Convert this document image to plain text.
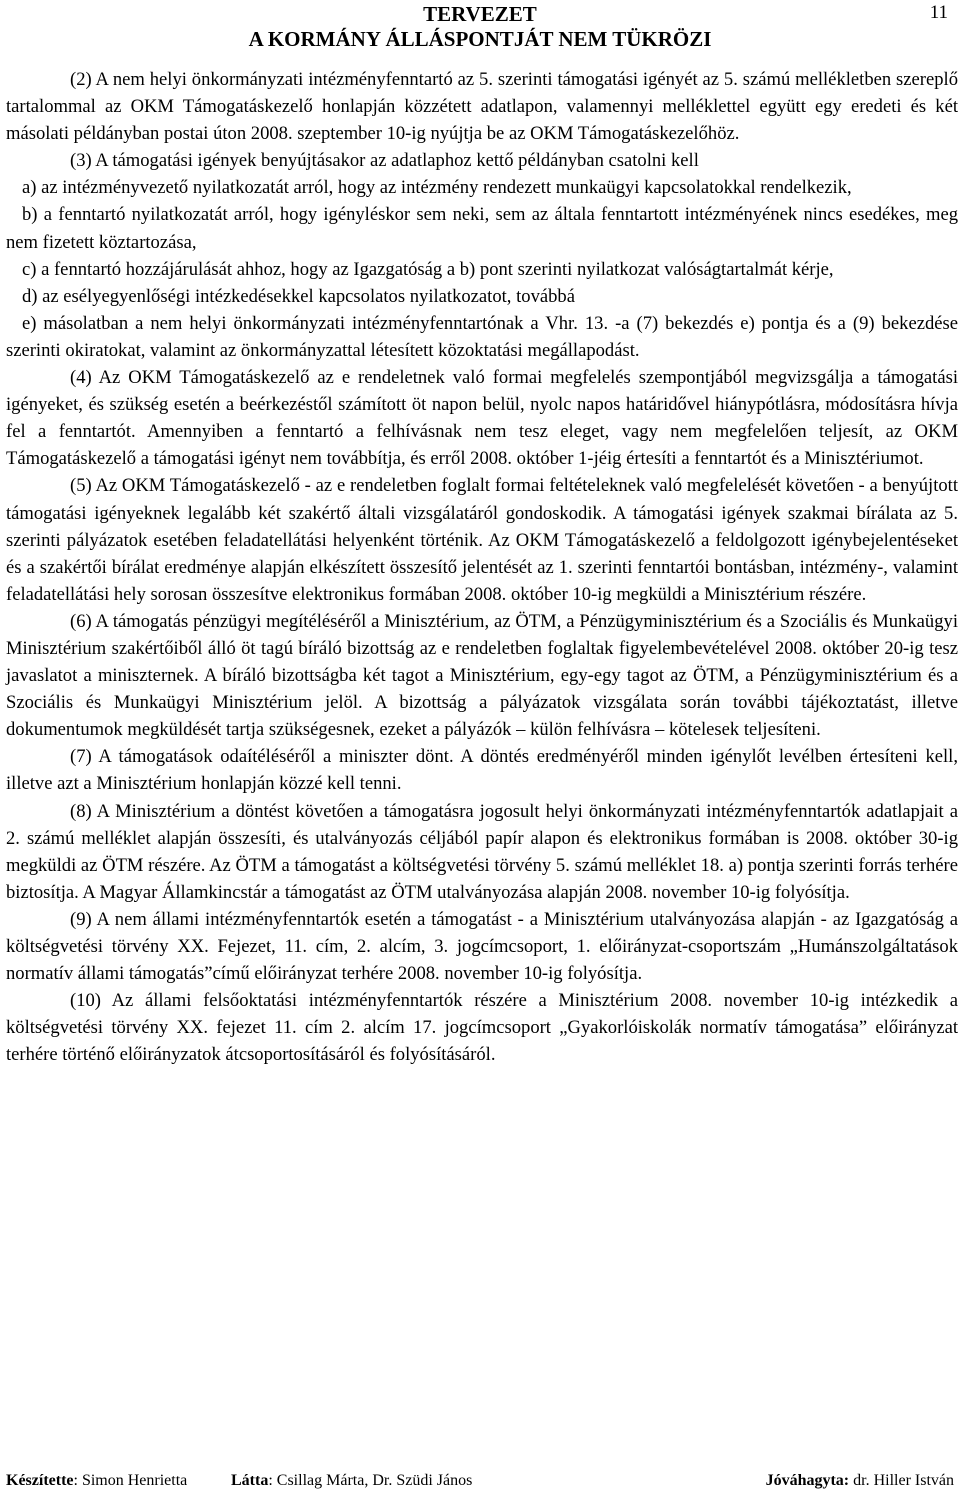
TERVEZET
A KORMÁNY ÁLLÁSPONTJÁT NEM TÜKRÖZI
11

(2) A nem helyi önkormányzati intézményfenntartó az 5. szerinti támogatási igényét az 5. számú mellékletben szereplő tartalommal az OKM Támogatáskezelő honlapján közzétett adatlapon, valamennyi melléklettel együtt egy eredeti és két másolati példányban postai úton 2008. szeptember 10-ig nyújtja be az OKM Támogatáskezelőhöz.

(3) A támogatási igények benyújtásakor az adatlaphoz kettő példányban csatolni kell

a) az intézményvezető nyilatkozatát arról, hogy az intézmény rendezett munkaügyi kapcsolatokkal rendelkezik,

b) a fenntartó nyilatkozatát arról, hogy igényléskor sem neki, sem az általa fenntartott intézményének nincs esedékes, meg nem fizetett köztartozása,

c) a fenntartó hozzájárulását ahhoz, hogy az Igazgatóság a b) pont szerinti nyilatkozat valóságtartalmát kérje,

d) az esélyegyenlőségi intézkedésekkel kapcsolatos nyilatkozatot, továbbá

e) másolatban a nem helyi önkormányzati intézményfenntartónak a Vhr. 13. -a (7) bekezdés e) pontja és a (9) bekezdése szerinti okiratokat, valamint az önkormányzattal létesített közoktatási megállapodást.

(4) Az OKM Támogatáskezelő az e rendeletnek való formai megfelelés szempontjából megvizsgálja a támogatási igényeket, és szükség esetén a beérkezéstől számított öt napon belül, nyolc napos határidővel hiánypótlásra, módosításra hívja fel a fenntartót. Amennyiben a fenntartó a felhívásnak nem tesz eleget, vagy nem megfelelően teljesít, az OKM Támogatáskezelő a támogatási igényt nem továbbítja, és erről 2008. október 1-jéig értesíti a fenntartót és a Minisztériumot.

(5) Az OKM Támogatáskezelő - az e rendeletben foglalt formai feltételeknek való megfelelését követően - a benyújtott támogatási igényeknek legalább két szakértő általi vizsgálatáról gondoskodik. A támogatási igények szakmai bírálata az 5. szerinti pályázatok esetében feladatellátási helyenként történik. Az OKM Támogatáskezelő a feldolgozott igénybejelentéseket és a szakértői bírálat eredménye alapján elkészített összesítő jelentését az 1. szerinti fenntartói bontásban, intézmény-, valamint feladatellátási hely sorosan összesítve elektronikus formában 2008. október 10-ig megküldi a Minisztérium részére.

(6) A támogatás pénzügyi megítéléséről a Minisztérium, az ÖTM, a Pénzügyminisztérium és a Szociális és Munkaügyi Minisztérium szakértőiből álló öt tagú bíráló bizottság az e rendeletben foglaltak figyelembevételével 2008. október 20-ig tesz javaslatot a miniszternek. A bíráló bizottságba két tagot a Minisztérium, egy-egy tagot az ÖTM, a Pénzügyminisztérium és a Szociális és Munkaügyi Minisztérium jelöl. A bizottság a pályázatok vizsgálata során további tájékoztatást, illetve dokumentumok megküldését tartja szükségesnek, ezeket a pályázók – külön felhívásra – kötelesek teljesíteni.

(7) A támogatások odaítéléséről a miniszter dönt. A döntés eredményéről minden igénylőt levélben értesíteni kell, illetve azt a Minisztérium honlapján közzé kell tenni.

(8) A Minisztérium a döntést követően a támogatásra jogosult helyi önkormányzati intézményfenntartók adatlapjait a 2. számú melléklet alapján összesíti, és utalványozás céljából papír alapon és elektronikus formában is 2008. október 30-ig megküldi az ÖTM részére. Az ÖTM a támogatást a költségvetési törvény 5. számú melléklet 18. a) pontja szerinti forrás terhére biztosítja. A Magyar Államkincstár a támogatást az ÖTM utalványozása alapján 2008. november 10-ig folyósítja.

(9) A nem állami intézményfenntartók esetén a támogatást - a Minisztérium utalványozása alapján - az Igazgatóság a költségvetési törvény XX. Fejezet, 11. cím, 2. alcím, 3. jogcímcsoport, 1. előirányzat-csoportszám „Humánszolgáltatások normatív állami támogatás”című előirányzat terhére 2008. november 10-ig folyósítja.

(10) Az állami felsőoktatási intézményfenntartók részére a Minisztérium 2008. november 10-ig intézkedik a költségvetési törvény XX. fejezet 11. cím 2. alcím 17. jogcímcsoport „Gyakorlóiskolák normatív támogatása” előirányzat terhére történő előirányzatok átcsoportosításáról és folyósításáról.

Készítette: Simon Henrietta	Látta: Csillag Márta, Dr. Szüdi János	Jóváhagyta: dr. Hiller István
